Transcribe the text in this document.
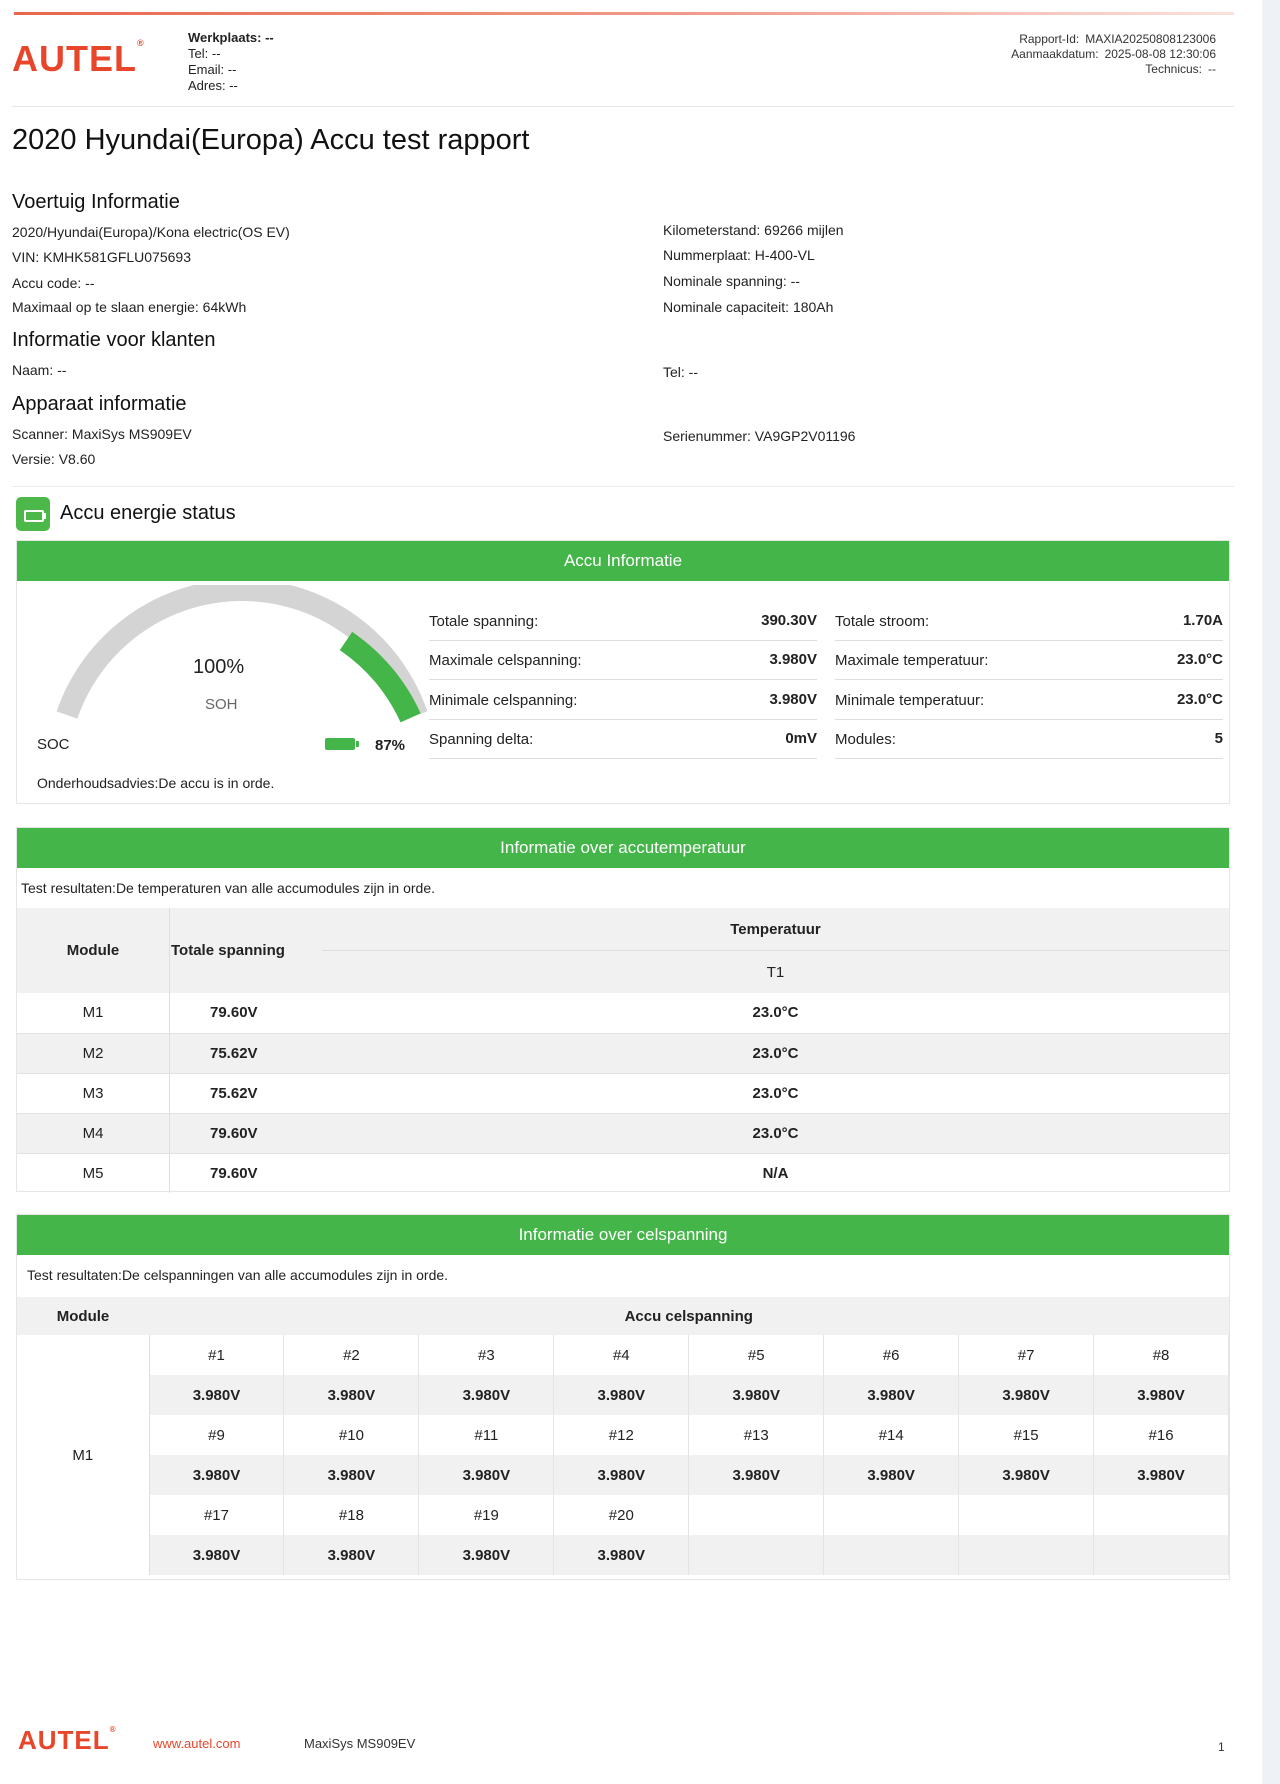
AUTEL®	Werkplaats: --
Tel: --
Email: --
Adres: --
Rapport-Id: MAXIA20250808123006
Aanmaakdatum: 2025-08-08 12:30:06
Technicus: --
2020 Hyundai(Europa) Accu test rapport
Voertuig Informatie
2020/Hyundai(Europa)/Kona electric(OS EV)
VIN: KMHK581GFLU075693
Accu code: --
Maximaal op te slaan energie: 64kWh
Kilometerstand: 69266 mijlen
Nummerplaat: H-400-VL
Nominale spanning: --
Nominale capaciteit: 180Ah
Informatie voor klanten
Naam: --	Tel: --
Apparaat informatie
Scanner: MaxiSys MS909EV
Versie: V8.60
Serienummer: VA9GP2V01196
Accu energie status
Accu Informatie
100%
SOH
SOC	87%
Onderhoudsadvies:De accu is in orde.
Totale spanning:	390.30V
Maximale celspanning:	3.980V
Minimale celspanning:	3.980V
Spanning delta:	0mV
Totale stroom:	1.70A
Maximale temperatuur:	23.0°C
Minimale temperatuur:	23.0°C
Modules:	5
Informatie over accutemperatuur
Test resultaten:De temperaturen van alle accumodules zijn in orde.
Module	Totale spanning	Temperatuur
		T1
M1	79.60V	23.0°C
M2	75.62V	23.0°C
M3	75.62V	23.0°C
M4	79.60V	23.0°C
M5	79.60V	N/A
Informatie over celspanning
Test resultaten:De celspanningen van alle accumodules zijn in orde.
Module	Accu celspanning							
M1	#1	#2	#3	#4	#5	#6	#7	#8
	3.980V	3.980V	3.980V	3.980V	3.980V	3.980V	3.980V	3.980V
	#9	#10	#11	#12	#13	#14	#15	#16
	3.980V	3.980V	3.980V	3.980V	3.980V	3.980V	3.980V	3.980V
	#17	#18	#19	#20				
	3.980V	3.980V	3.980V	3.980V				
AUTEL®
www.autel.com	MaxiSys MS909EV	1
